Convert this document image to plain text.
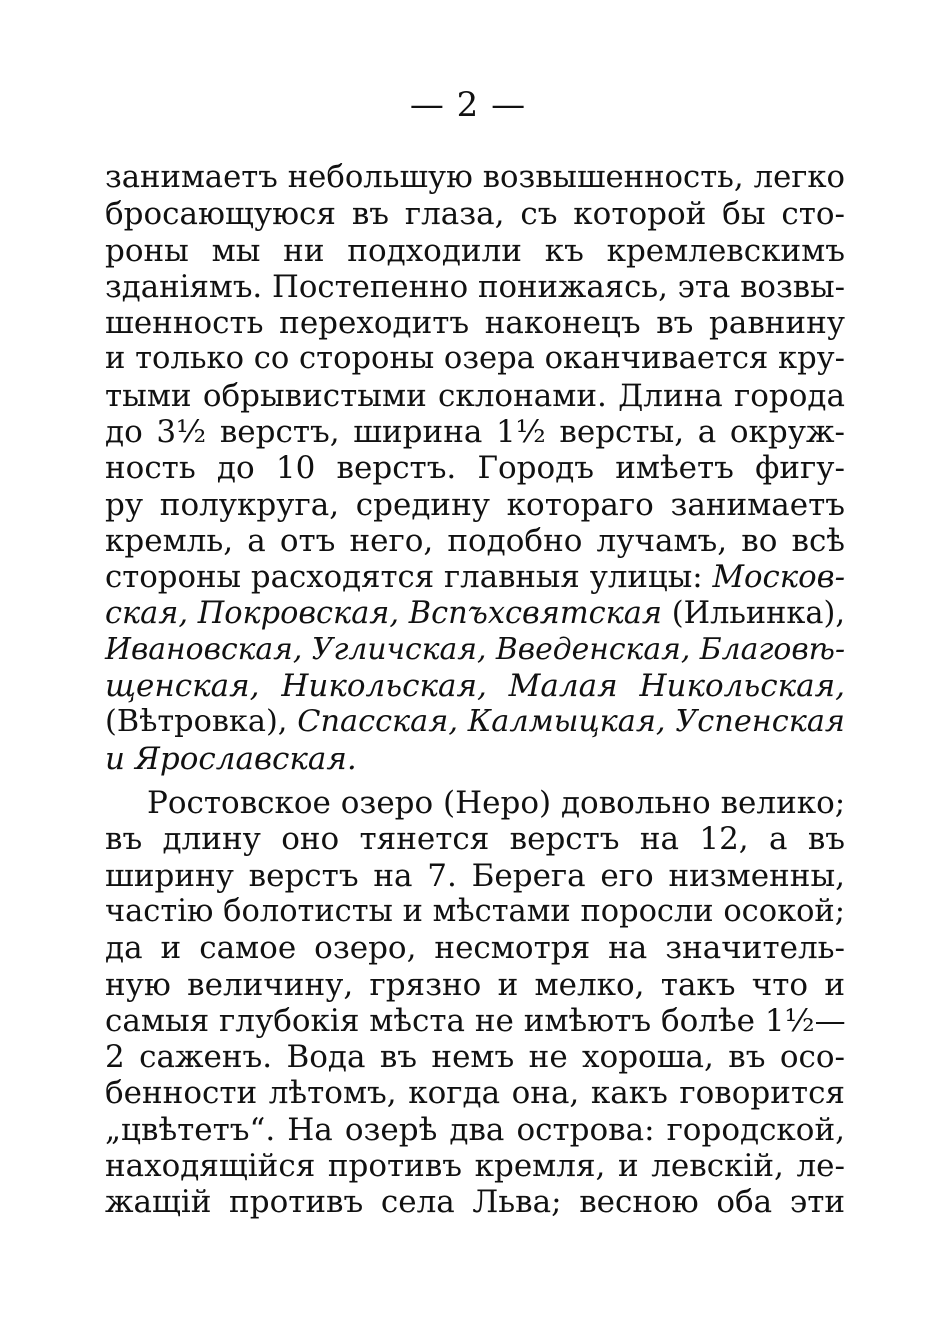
— 2 —
занимаетъ небольшую возвышенность, легко
бросающуюся въ глаза, съ которой бы сто-
роны мы ни подходили къ кремлевскимъ
зданiямъ. Постепенно понижаясь, эта возвы-
шенность переходитъ наконецъ въ равнину
и только со стороны озера оканчивается кру-
тыми обрывистыми склонами. Длина города
до 3½ верстъ, ширина 1½ версты, а окруж-
ность до 10 верстъ. Городъ имѣетъ фигу-
ру полукруга, средину котораго занимаетъ
кремль, а отъ него, подобно лучамъ, во всѣ
стороны расходятся главныя улицы: Москов-
ская, Покровская, Вспъхсвятская (Ильинка),
Ивановская, Угличская, Введенская, Благовѣ-
щенская, Никольская, Малая Никольская,
(Вѣтровка), Спасская, Калмыцкая, Успенская
и Ярославская.
Ростовское озеро (Неро) довольно велико;
въ длину оно тянется верстъ на 12, а въ
ширину верстъ на 7. Берега его низменны,
частiю болотисты и мѣстами поросли осокой;
да и самое озеро, несмотря на значитель-
ную величину, грязно и мелко, такъ что и
самыя глубокiя мѣста не имѣютъ болѣе 1½—
2 саженъ. Вода въ немъ не хороша, въ осо-
бенности лѣтомъ, когда она, какъ говорится
„цвѣтетъ“. На озерѣ два острова: городской,
находящiйся противъ кремля, и левскiй, ле-
жащiй противъ села Льва; весною оба эти
